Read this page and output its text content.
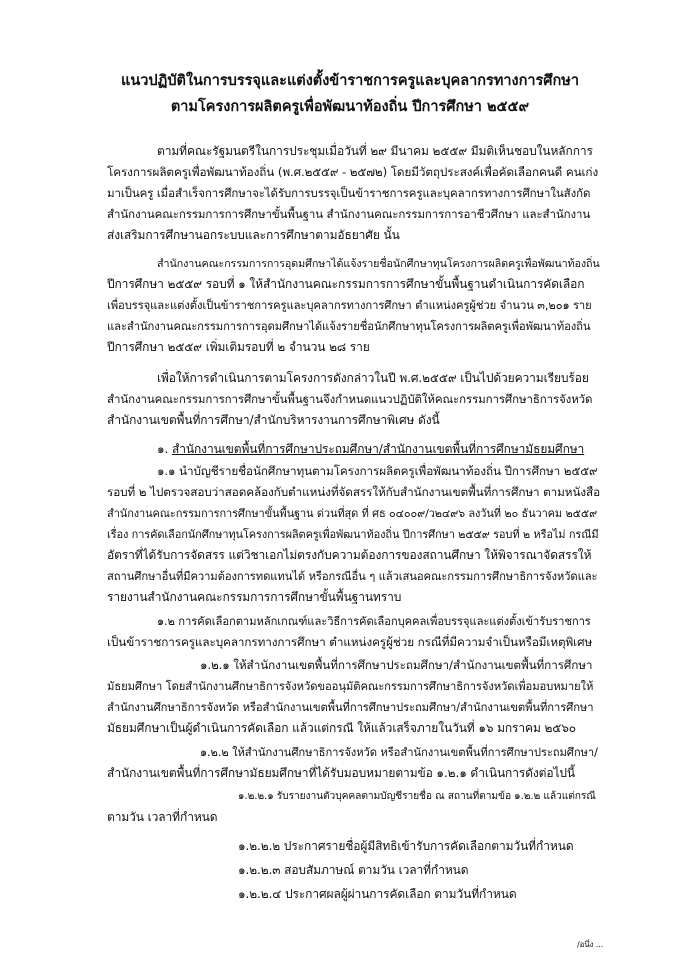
แนวปฏิบัติในการบรรจุและแต่งตั้งข้าราชการครูและบุคลากรทางการศึกษา
ตามโครงการผลิตครูเพื่อพัฒนาท้องถิ่น ปีการศึกษา ๒๕๕๙
ตามที่คณะรัฐมนตรีในการประชุมเมื่อวันที่ ๒๙ มีนาคม ๒๕๕๙ มีมติเห็นชอบในหลักการ
โครงการผลิตครูเพื่อพัฒนาท้องถิ่น (พ.ศ.๒๕๕๙ - ๒๕๗๒) โดยมีวัตถุประสงค์เพื่อคัดเลือกคนดี คนเก่ง
มาเป็นครู เมื่อสำเร็จการศึกษาจะได้รับการบรรจุเป็นข้าราชการครูและบุคลากรทางการศึกษาในสังกัด
สำนักงานคณะกรรมการการศึกษาขั้นพื้นฐาน สำนักงานคณะกรรมการการอาชีวศึกษา และสำนักงาน
ส่งเสริมการศึกษานอกระบบและการศึกษาตามอัธยาศัย นั้น
สำนักงานคณะกรรมการการอุดมศึกษาได้แจ้งรายชื่อนักศึกษาทุนโครงการผลิตครูเพื่อพัฒนาท้องถิ่น
ปีการศึกษา ๒๕๕๙ รอบที่ ๑ ให้สำนักงานคณะกรรมการการศึกษาขั้นพื้นฐานดำเนินการคัดเลือก
เพื่อบรรจุและแต่งตั้งเป็นข้าราชการครูและบุคลากรทางการศึกษา ตำแหน่งครูผู้ช่วย จำนวน ๓,๒๐๑ ราย
และสำนักงานคณะกรรมการการอุดมศึกษาได้แจ้งรายชื่อนักศึกษาทุนโครงการผลิตครูเพื่อพัฒนาท้องถิ่น
ปีการศึกษา ๒๕๕๙ เพิ่มเติมรอบที่ ๒ จำนวน ๒๘ ราย
เพื่อให้การดำเนินการตามโครงการดังกล่าวในปี พ.ศ.๒๕๕๙ เป็นไปด้วยความเรียบร้อย
สำนักงานคณะกรรมการการศึกษาขั้นพื้นฐานจึงกำหนดแนวปฏิบัติให้คณะกรรมการศึกษาธิการจังหวัด
สำนักงานเขตพื้นที่การศึกษา/สำนักบริหารงานการศึกษาพิเศษ ดังนี้
๑. สำนักงานเขตพื้นที่การศึกษาประถมศึกษา/สำนักงานเขตพื้นที่การศึกษามัธยมศึกษา
๑.๑ นำบัญชีรายชื่อนักศึกษาทุนตามโครงการผลิตครูเพื่อพัฒนาท้องถิ่น ปีการศึกษา ๒๕๕๙
รอบที่ ๒ ไปตรวจสอบว่าสอดคล้องกับตำแหน่งที่จัดสรรให้กับสำนักงานเขตพื้นที่การศึกษา ตามหนังสือ
สำนักงานคณะกรรมการการศึกษาขั้นพื้นฐาน ด่วนที่สุด ที่ ศธ ๐๔๐๐๙/ว๒๔๙๖ ลงวันที่ ๒๐ ธันวาคม ๒๕๕๙
เรื่อง การคัดเลือกนักศึกษาทุนโครงการผลิตครูเพื่อพัฒนาท้องถิ่น ปีการศึกษา ๒๕๕๙ รอบที่ ๒ หรือไม่ กรณีมี
อัตราที่ได้รับการจัดสรร แต่วิชาเอกไม่ตรงกับความต้องการของสถานศึกษา ให้พิจารณาจัดสรรให้
สถานศึกษาอื่นที่มีความต้องการทดแทนได้ หรือกรณีอื่น ๆ แล้วเสนอคณะกรรมการศึกษาธิการจังหวัดและ
รายงานสำนักงานคณะกรรมการการศึกษาขั้นพื้นฐานทราบ
๑.๒ การคัดเลือกตามหลักเกณฑ์และวิธีการคัดเลือกบุคคลเพื่อบรรจุและแต่งตั้งเข้ารับราชการ
เป็นข้าราชการครูและบุคลากรทางการศึกษา ตำแหน่งครูผู้ช่วย กรณีที่มีความจำเป็นหรือมีเหตุพิเศษ
๑.๒.๑ ให้สำนักงานเขตพื้นที่การศึกษาประถมศึกษา/สำนักงานเขตพื้นที่การศึกษา
มัธยมศึกษา โดยสำนักงานศึกษาธิการจังหวัดขออนุมัติคณะกรรมการศึกษาธิการจังหวัดเพื่อมอบหมายให้
สำนักงานศึกษาธิการจังหวัด หรือสำนักงานเขตพื้นที่การศึกษาประถมศึกษา/สำนักงานเขตพื้นที่การศึกษา
มัธยมศึกษาเป็นผู้ดำเนินการคัดเลือก แล้วแต่กรณี ให้แล้วเสร็จภายในวันที่ ๑๖ มกราคม ๒๕๖๐
๑.๒.๒ ให้สำนักงานศึกษาธิการจังหวัด หรือสำนักงานเขตพื้นที่การศึกษาประถมศึกษา/
สำนักงานเขตพื้นที่การศึกษามัธยมศึกษาที่ได้รับมอบหมายตามข้อ ๑.๒.๑ ดำเนินการดังต่อไปนี้
๑.๒.๒.๑ รับรายงานตัวบุคคลตามบัญชีรายชื่อ ณ สถานที่ตามข้อ ๑.๒.๒ แล้วแต่กรณี
ตามวัน เวลาที่กำหนด
๑.๒.๒.๒ ประกาศรายชื่อผู้มีสิทธิเข้ารับการคัดเลือกตามวันที่กำหนด
๑.๒.๒.๓ สอบสัมภาษณ์ ตามวัน เวลาที่กำหนด
๑.๒.๒.๔ ประกาศผลผู้ผ่านการคัดเลือก ตามวันที่กำหนด
/อนึ่ง ...
